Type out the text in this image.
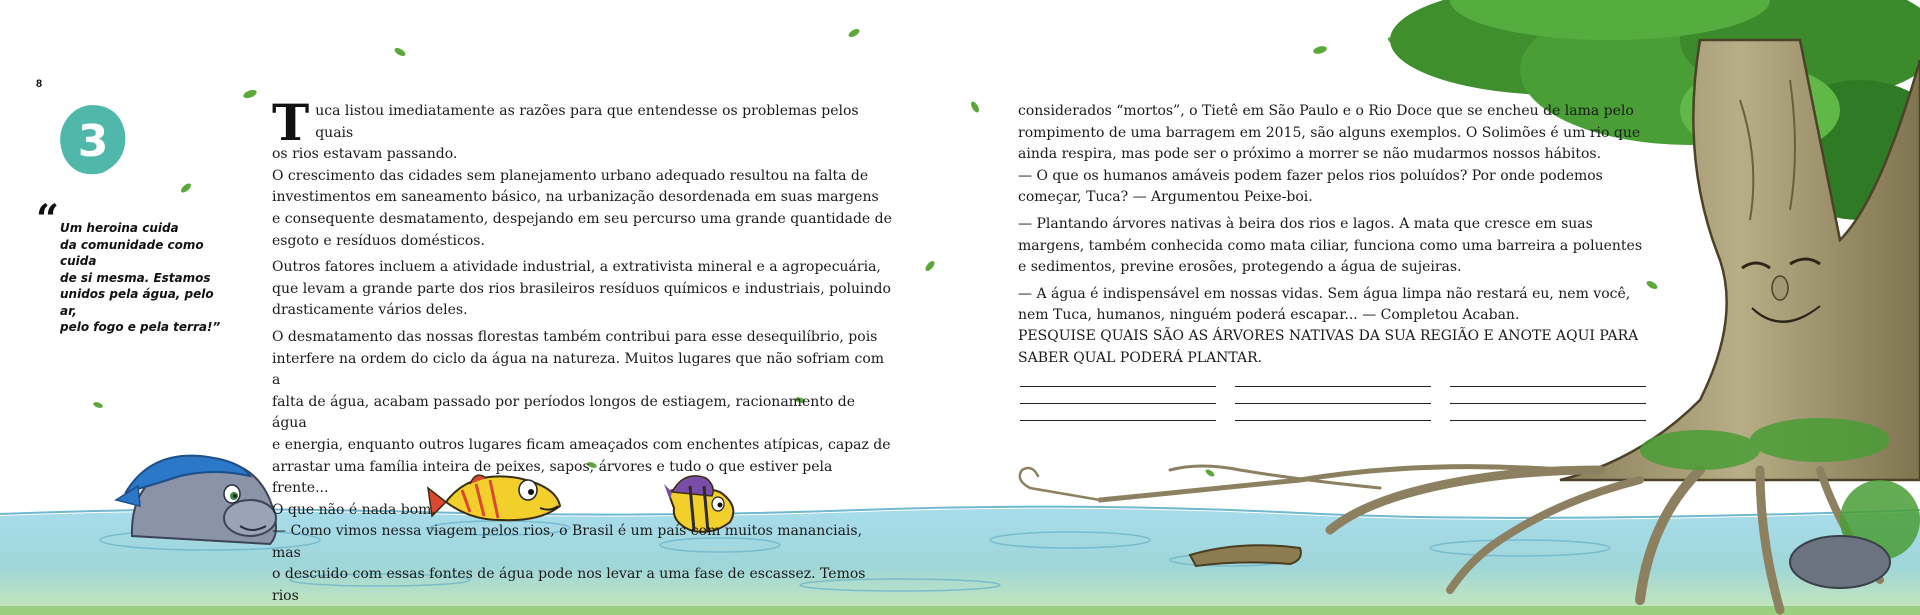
8
3
“ Um heroina cuida
da comunidade como cuida
de si mesma. Estamos
unidos pela água, pelo ar,
pelo fogo e pela terra!”
T uca listou imediatamente as razões para que entendesse os problemas pelos quais
os rios estavam passando.

O crescimento das cidades sem planejamento urbano adequado resultou na falta de
investimentos em saneamento básico, na urbanização desordenada em suas margens
e consequente desmatamento, despejando em seu percurso uma grande quantidade de
esgoto e resíduos domésticos.

Outros fatores incluem a atividade industrial, a extrativista mineral e a agropecuária,
que levam a grande parte dos rios brasileiros resíduos químicos e industriais, poluindo
drasticamente vários deles.

O desmatamento das nossas florestas também contribui para esse desequilíbrio, pois
interfere na ordem do ciclo da água na natureza. Muitos lugares que não sofriam com a
falta de água, acabam passado por períodos longos de estiagem, racionamento de água
e energia, enquanto outros lugares ficam ameaçados com enchentes atípicas, capaz de
arrastar uma família inteira de peixes, sapos, árvores e tudo o que estiver pela frente...
O que não é nada bom.

— Como vimos nessa viagem pelos rios, o Brasil é um país com muitos mananciais, mas
o descuido com essas fontes de água pode nos levar a uma fase de escassez. Temos rios

considerados “mortos”, o Tietê em São Paulo e o Rio Doce que se encheu de lama pelo
rompimento de uma barragem em 2015, são alguns exemplos. O Solimões é um rio que
ainda respira, mas pode ser o próximo a morrer se não mudarmos nossos hábitos.

— O que os humanos amáveis podem fazer pelos rios poluídos? Por onde podemos
começar, Tuca? — Argumentou Peixe-boi.

— Plantando árvores nativas à beira dos rios e lagos. A mata que cresce em suas
margens, também conhecida como mata ciliar, funciona como uma barreira a poluentes
e sedimentos, previne erosões, protegendo a água de sujeiras.

— A água é indispensável em nossas vidas. Sem água limpa não restará eu, nem você,
nem Tuca, humanos, ninguém poderá escapar... — Completou Acaban.

PESQUISE QUAIS SÃO AS ÁRVORES NATIVAS DA SUA REGIÃO E ANOTE AQUI PARA
SABER QUAL PODERÁ PLANTAR.
